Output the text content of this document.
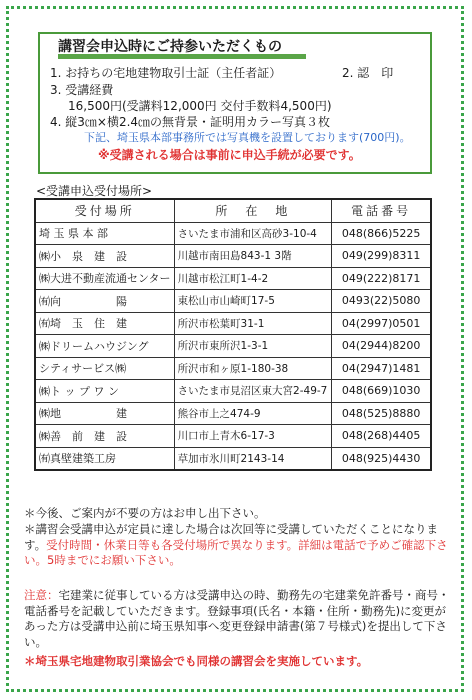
講習会申込時にご持参いただくもの
1. お持ちの宅地建物取引士証（主任者証）	2. 認　印
3. 受講経費
16,500円(受講料12,000円 交付手数料4,500円)
4. 縦3㎝×横2.4㎝の無背景・証明用カラー写真３枚
下記、埼玉県本部事務所では写真機を設置しております(700円)。
※受講される場合は事前に申込手続が必要です。
<受講申込受付場所>
受付場所	所　在　地	電話番号
埼 玉 県 本 部	さいたま市浦和区高砂3-10-4	048(866)5225
㈱小　泉　建　設	川越市南田島843-1 3階	049(299)8311
㈱大进不動産流通センター	川越市松江町1-4-2	049(222)8171
㈲向　　　　　陽	東松山市山崎町17-5	0493(22)5080
㈲埼　玉　住　建	所沢市松葉町31-1	04(2997)0501
㈱ドリームハウジング	所沢市東所沢1-3-1	04(2944)8200
シティサービス㈱	所沢市和ヶ原1-180-38	04(2947)1481
㈱ト ッ プ ワ ン	さいたま市見沼区東大宮2-49-7	048(669)1030
㈱地　　　　　建	熊谷市上之474-9	048(525)8880
㈱善　前　建　設	川口市上青木6-17-3	048(268)4405
㈲真壁建築工房	草加市氷川町2143-14	048(925)4430
＊今後、ご案内が不要の方はお申し出下さい。
＊講習会受講申込が定員に達した場合は次回等に受講していただくことになります。受付時間・休業日等も各受付場所で異なります。詳細は電話で予めご確認下さい。5時までにお願い下さい。
注意：宅建業に従事している方は受講申込の時、勤務先の宅建業免許番号・商号・電話番号を記載していただきます。登録事項(氏名・本籍・住所・勤務先)に変更があった方は受講申込前に埼玉県知事へ変更登録申請書(第７号様式)を提出して下さい。
＊埼玉県宅地建物取引業協会でも同様の講習会を実施しています。
